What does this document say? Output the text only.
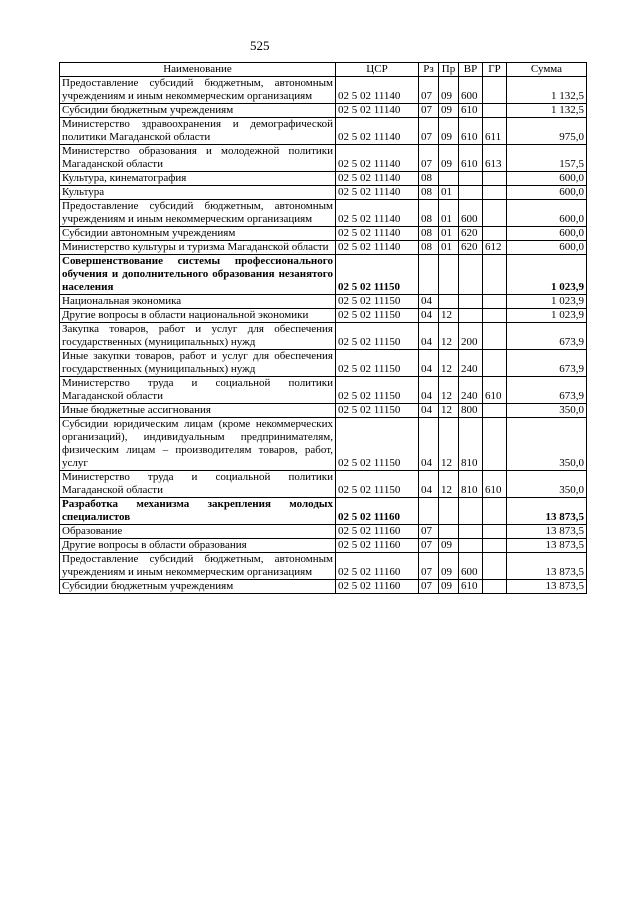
525
Наименование	ЦСР	Рз	Пр	ВР	ГР	Сумма
Предоставление субсидий бюджетным, автономным учреждениям и иным некоммерческим организациям	02 5 02 11140	07	09	600		1 132,5
Субсидии бюджетным учреждениям	02 5 02 11140	07	09	610		1 132,5
Министерство здравоохранения и демографической политики Магаданской области	02 5 02 11140	07	09	610	611	975,0
Министерство образования и молодежной политики Магаданской области	02 5 02 11140	07	09	610	613	157,5
Культура, кинематография	02 5 02 11140	08				600,0
Культура	02 5 02 11140	08	01			600,0
Предоставление субсидий бюджетным, автономным учреждениям и иным некоммерческим организациям	02 5 02 11140	08	01	600		600,0
Субсидии автономным учреждениям	02 5 02 11140	08	01	620		600,0
Министерство культуры и туризма Магаданской области	02 5 02 11140	08	01	620	612	600,0
Совершенствование системы профессионального обучения и дополнительного образования незанятого населения	02 5 02 11150					1 023,9
Национальная экономика	02 5 02 11150	04				1 023,9
Другие вопросы в области национальной экономики	02 5 02 11150	04	12			1 023,9
Закупка товаров, работ и услуг для обеспечения государственных (муниципальных) нужд	02 5 02 11150	04	12	200		673,9
Иные закупки товаров, работ и услуг для обеспечения государственных (муниципальных) нужд	02 5 02 11150	04	12	240		673,9
Министерство труда и социальной политики Магаданской области	02 5 02 11150	04	12	240	610	673,9
Иные бюджетные ассигнования	02 5 02 11150	04	12	800		350,0
Субсидии юридическим лицам (кроме некоммерческих организаций), индивидуальным предпринимателям, физическим лицам – производителям товаров, работ, услуг	02 5 02 11150	04	12	810		350,0
Министерство труда и социальной политики Магаданской области	02 5 02 11150	04	12	810	610	350,0
Разработка механизма закрепления молодых специалистов	02 5 02 11160					13 873,5
Образование	02 5 02 11160	07				13 873,5
Другие вопросы в области образования	02 5 02 11160	07	09			13 873,5
Предоставление субсидий бюджетным, автономным учреждениям и иным некоммерческим организациям	02 5 02 11160	07	09	600		13 873,5
Субсидии бюджетным учреждениям	02 5 02 11160	07	09	610		13 873,5
